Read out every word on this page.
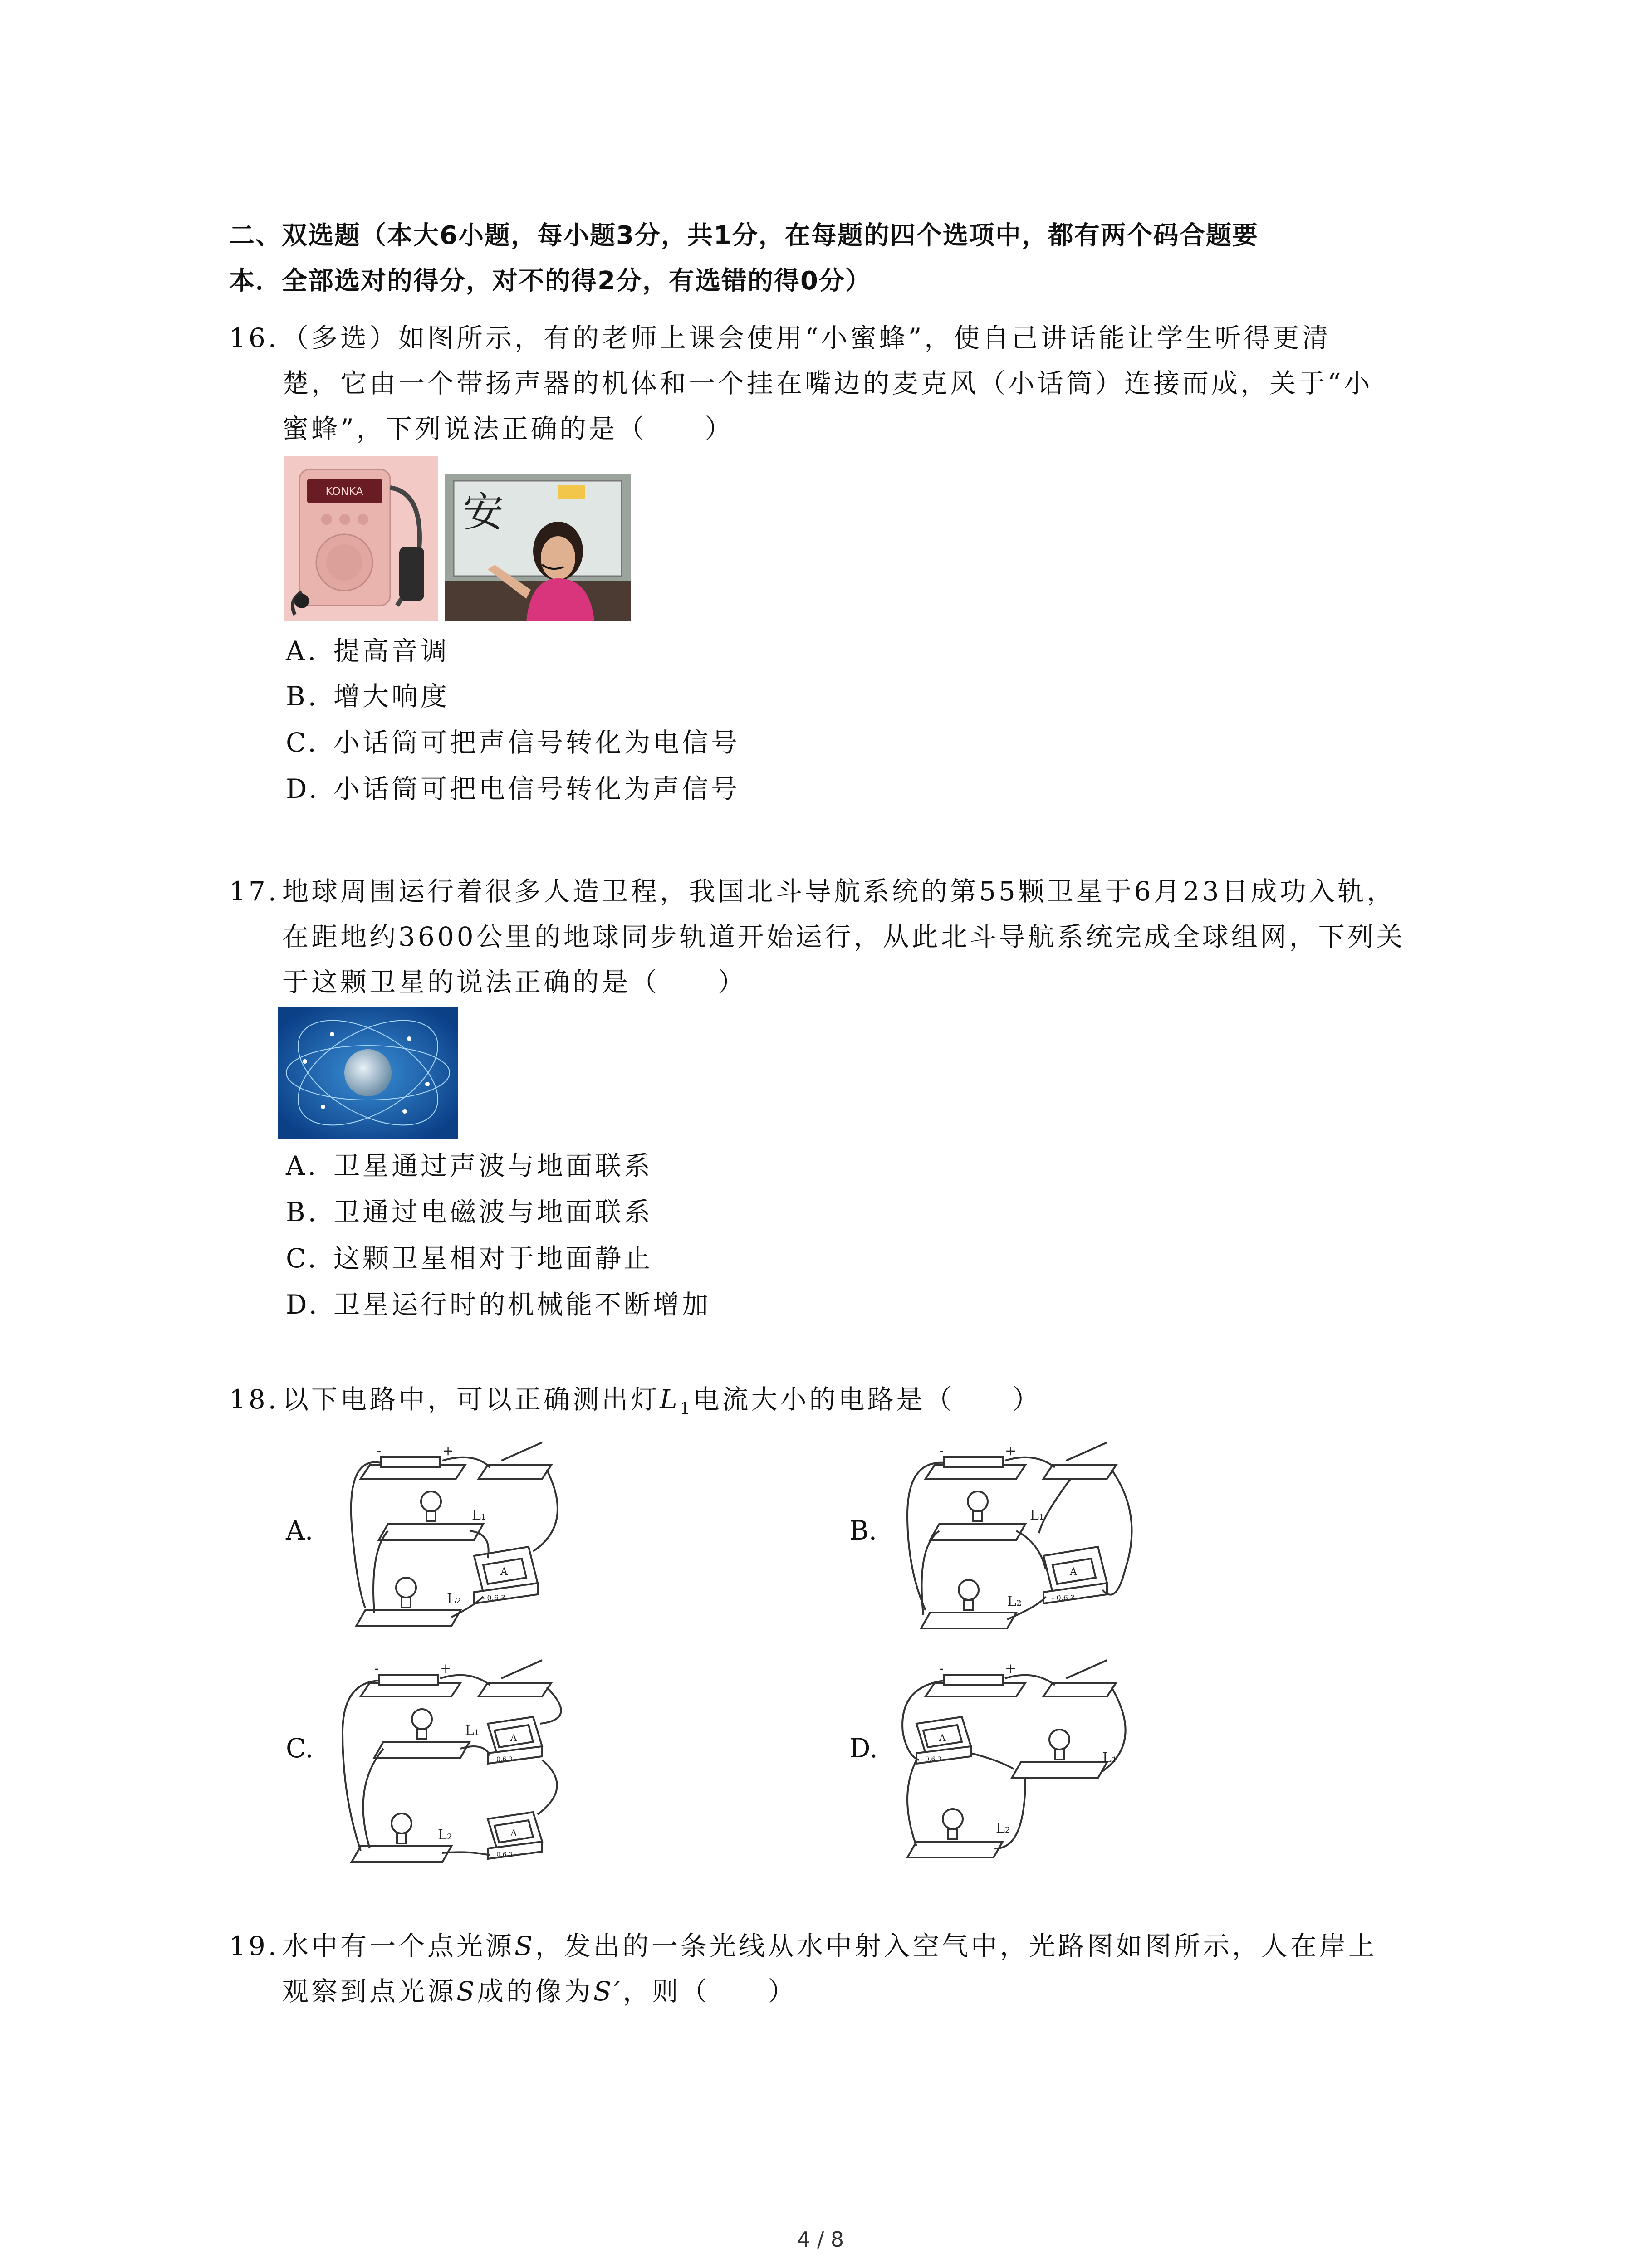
二、双选题（本大6小题，每小题3分，共1分，在每题的四个选项中，都有两个码合题要
本．全部选对的得分，对不的得2分，有选错的得0分）
16. （多选）如图所示，有的老师上课会使用“小蜜蜂”，使自己讲话能让学生听得更清
楚，它由一个带扬声器的机体和一个挂在嘴边的麦克风（小话筒）连接而成，关于“小
蜜蜂”，下列说法正确的是（　　）
KONKA 安
A. 提高音调
B. 增大响度
C. 小话筒可把声信号转化为电信号
D. 小话筒可把电信号转化为声信号
17. 地球周围运行着很多人造卫程，我国北斗导航系统的第55颗卫星于6月23日成功入轨，
在距地约3600公里的地球同步轨道开始运行，从此北斗导航系统完成全球组网，下列关
于这颗卫星的说法正确的是（　　）
A. 卫星通过声波与地面联系
B. 卫通过电磁波与地面联系
C. 这颗卫星相对于地面静止
D. 卫星运行时的机械能不断增加
18. 以下电路中，可以正确测出灯$L_1$电流大小的电路是（　　）
A.	B.
C.	D.
L₁
L₂
-	+
A
- 0.6 3
L₁
L₂
-	+
A
- 0.6 3
L₁
L₂
-	+
A
- 0.6 3
A
- 0.6 3
L₁
L₂
-	+
A
- 0.6 3
19. 水中有一个点光源S，发出的一条光线从水中射入空气中，光路图如图所示，人在岸上
观察到点光源S成的像为S′，则（　　）
4 / 8
